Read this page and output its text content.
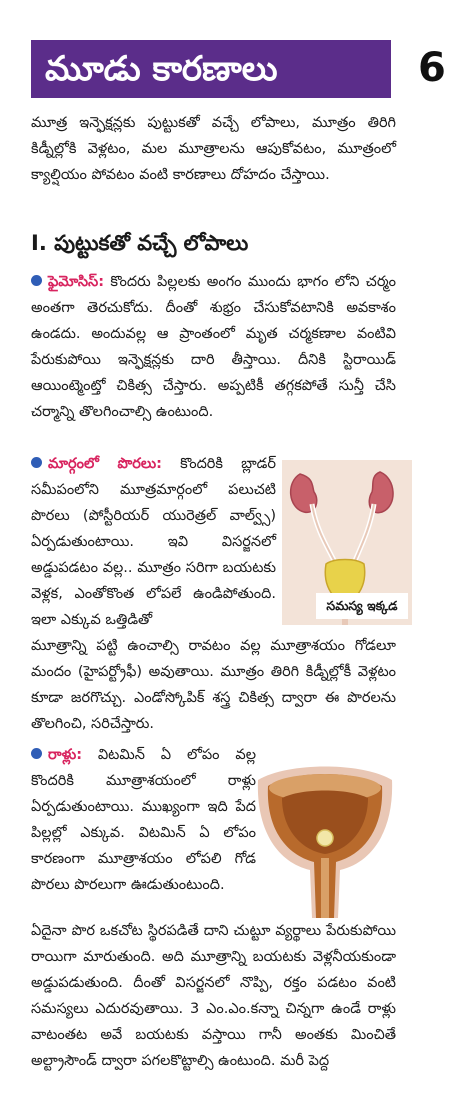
మూడు కారణాలు	6

మూత్ర ఇన్ఫెక్షన్లకు పుట్టుకతో వచ్చే లోపాలు, మూత్రం తిరిగి కిడ్నీల్లోకి వెళ్లటం, మల మూత్రాలను ఆపుకోవటం, మూత్రంలో క్యాల్షియం పోవటం వంటి కారణాలు దోహదం చేస్తాయి.

I. పుట్టుకతో వచ్చే లోపాలు

ఫైమోసిస్: కొందరు పిల్లలకు అంగం ముందు భాగం లోని చర్మం అంతగా తెరచుకోదు. దీంతో శుభ్రం చేసుకోవటానికి అవకాశం ఉండదు. అందువల్ల ఆ ప్రాంతంలో మృత చర్మకణాల వంటివి పేరుకుపోయి ఇన్ఫెక్షన్లకు దారి తీస్తాయి. దీనికి స్టిరాయిడ్ ఆయింట్మెంట్తో చికిత్స చేస్తారు. అప్పటికీ తగ్గకపోతే సున్తీ చేసి చర్మాన్ని తొలగించాల్సి ఉంటుంది.

మార్గంలో పొరలు: కొందరికి బ్లాడర్ సమీపంలోని మూత్రమార్గంలో పలుచటి పొరలు (పోస్టీరియర్ యురెత్రల్ వాల్వ్స్) ఏర్పడుతుంటాయి. ఇవి విసర్జనలో అడ్డుపడటం వల్ల.. మూత్రం సరిగా బయటకు వెళ్లక, ఎంతోకొంత లోపలే ఉండిపోతుంది. ఇలా ఎక్కువ ఒత్తిడితో

సమస్య ఇక్కడ

మూత్రాన్ని పట్టి ఉంచాల్సి రావటం వల్ల మూత్రాశయం గోడలూ మందం (హైపర్ట్రోఫీ) అవుతాయి. మూత్రం తిరిగి కిడ్నీల్లోకీ వెళ్లటం కూడా జరగొచ్చు. ఎండోస్కోపిక్ శస్త్ర చికిత్స ద్వారా ఈ పొరలను తొలగించి, సరిచేస్తారు.

రాళ్లు: విటమిన్ ఏ లోపం వల్ల కొందరికి మూత్రాశయంలో రాళ్లు ఏర్పడుతుంటాయి. ముఖ్యంగా ఇది పేద పిల్లల్లో ఎక్కువ. విటమిన్ ఏ లోపం కారణంగా మూత్రాశయం లోపలి గోడ పొరలు పొరలుగా ఊడుతుంటుంది.

ఏదైనా పొర ఒకచోట స్థిరపడితే దాని చుట్టూ వ్యర్థాలు పేరుకుపోయి రాయిగా మారుతుంది. అది మూత్రాన్ని బయటకు వెళ్లనీయకుండా అడ్డుపడుతుంది. దీంతో విసర్జనలో నొప్పి, రక్తం పడటం వంటి సమస్యలు ఎదురవుతాయి. 3 ఎం.ఎం.కన్నా చిన్నగా ఉండే రాళ్లు వాటంతట అవే బయటకు వస్తాయి గానీ అంతకు మించితే అల్ట్రాసౌండ్ ద్వారా పగలకొట్టాల్సి ఉంటుంది. మరీ పెద్ద
